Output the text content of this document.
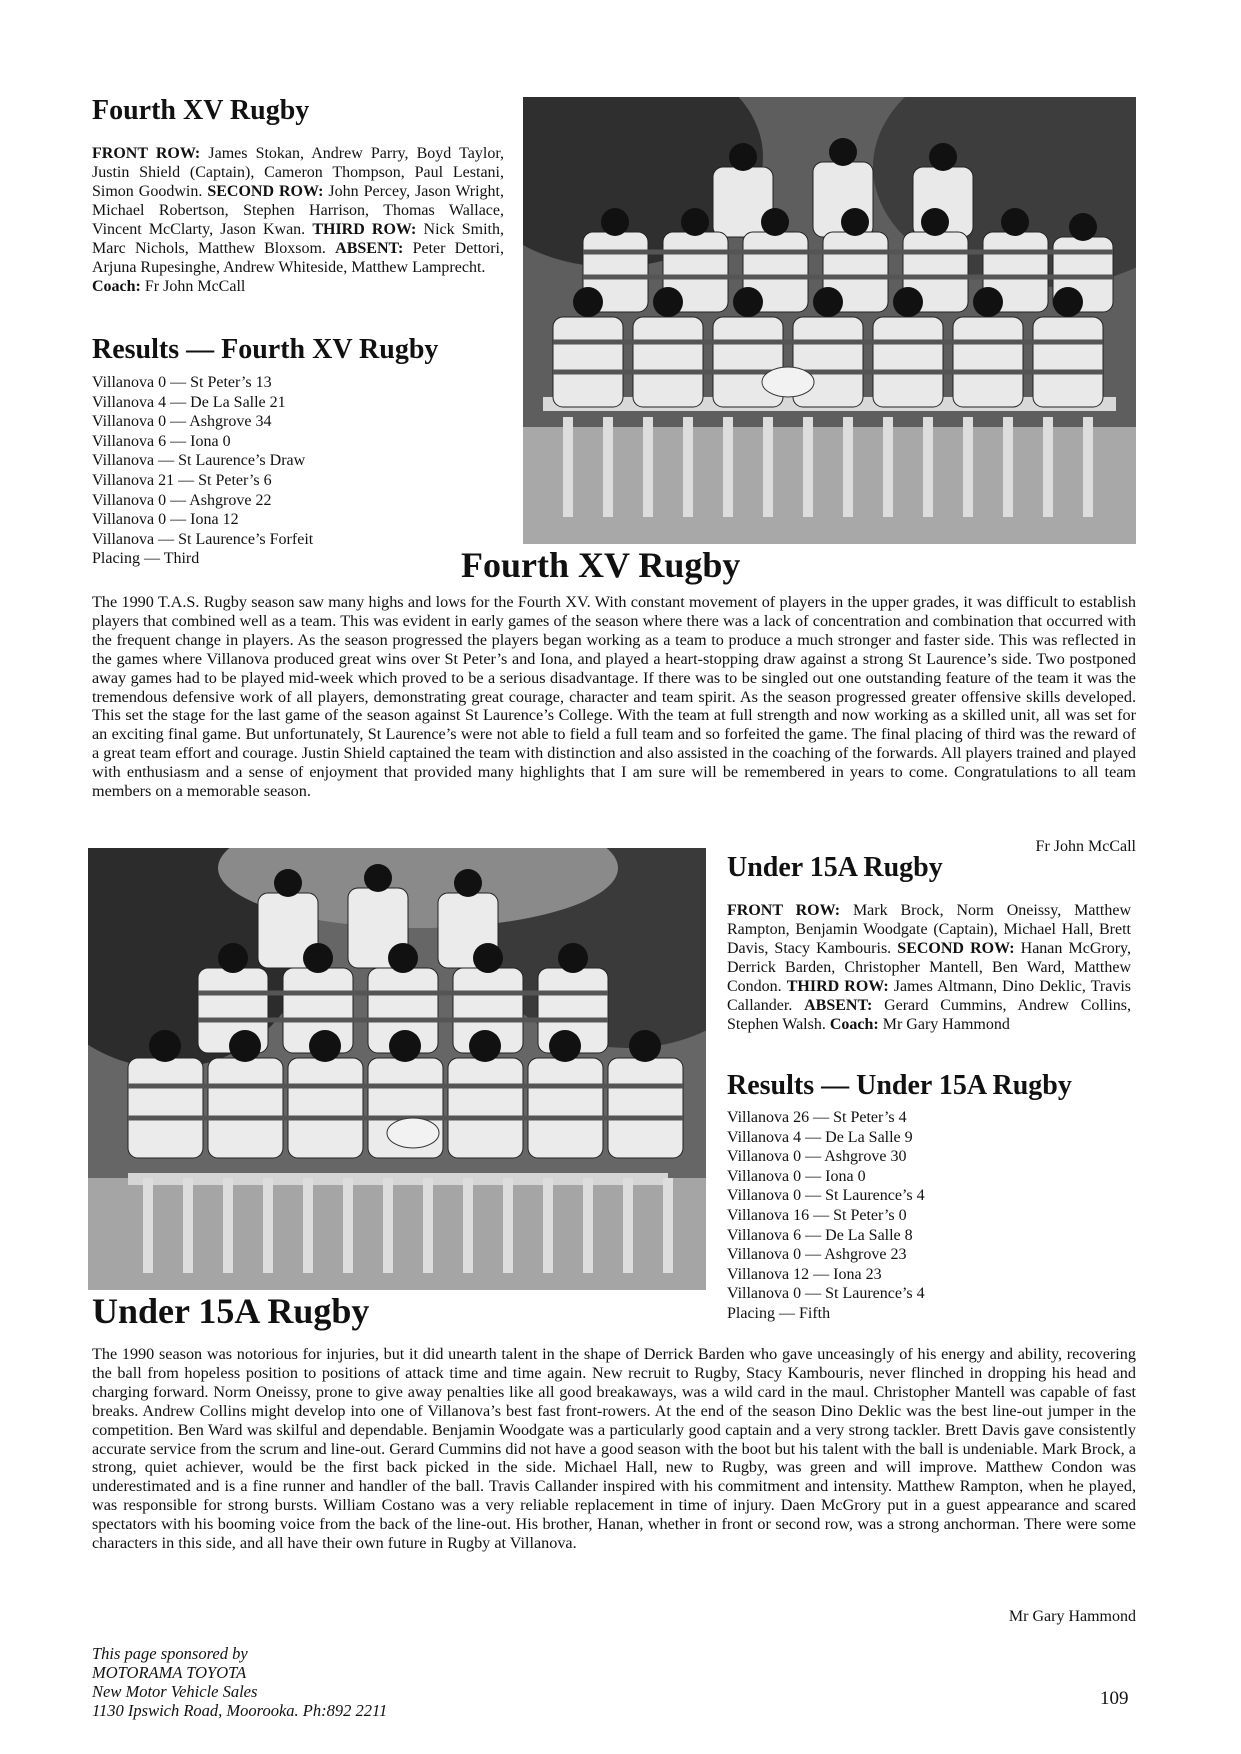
Fourth XV Rugby
FRONT ROW: James Stokan, Andrew Parry, Boyd Taylor, Justin Shield (Captain), Cameron Thompson, Paul Lestani, Simon Goodwin. SECOND ROW: John Percey, Jason Wright, Michael Robertson, Stephen Harrison, Thomas Wallace, Vincent McClarty, Jason Kwan. THIRD ROW: Nick Smith, Marc Nichols, Matthew Bloxsom. ABSENT: Peter Dettori, Arjuna Rupesinghe, Andrew Whiteside, Matthew Lamprecht.
Coach: Fr John McCall
Results — Fourth XV Rugby
Villanova 0 — St Peter’s 13
Villanova 4 — De La Salle 21
Villanova 0 — Ashgrove 34
Villanova 6 — Iona 0
Villanova — St Laurence’s Draw
Villanova 21 — St Peter’s 6
Villanova 0 — Ashgrove 22
Villanova 0 — Iona 12
Villanova — St Laurence’s Forfeit
Placing — Third	Fourth XV Rugby

The 1990 T.A.S. Rugby season saw many highs and lows for the Fourth XV. With constant movement of players in the upper grades, it was difficult to establish players that combined well as a team. This was evident in early games of the season where there was a lack of concentration and combination that occurred with the frequent change in players. As the season progressed the players began working as a team to produce a much stronger and faster side. This was reflected in the games where Villanova produced great wins over St Peter’s and Iona, and played a heart-stopping draw against a strong St Laurence’s side. Two postponed away games had to be played mid-week which proved to be a serious disadvantage. If there was to be singled out one outstanding feature of the team it was the tremendous defensive work of all players, demonstrating great courage, character and team spirit. As the season progressed greater offensive skills developed. This set the stage for the last game of the season against St Laurence’s College. With the team at full strength and now working as a skilled unit, all was set for an exciting final game. But unfortunately, St Laurence’s were not able to field a full team and so forfeited the game. The final placing of third was the reward of a great team effort and courage. Justin Shield captained the team with distinction and also assisted in the coaching of the forwards. All players trained and played with enthusiasm and a sense of enjoyment that provided many highlights that I am sure will be remembered in years to come. Congratulations to all team members on a memorable season.

Fr John McCall
Under 15A Rugby
FRONT ROW: Mark Brock, Norm Oneissy, Matthew Rampton, Benjamin Woodgate (Captain), Michael Hall, Brett Davis, Stacy Kambouris. SECOND ROW: Hanan McGrory, Derrick Barden, Christopher Mantell, Ben Ward, Matthew Condon. THIRD ROW: James Altmann, Dino Deklic, Travis Callander. ABSENT: Gerard Cummins, Andrew Collins, Stephen Walsh. Coach: Mr Gary Hammond
Results — Under 15A Rugby
Villanova 26 — St Peter’s 4
Villanova 4 — De La Salle 9
Villanova 0 — Ashgrove 30
Villanova 0 — Iona 0
Villanova 0 — St Laurence’s 4
Villanova 16 — St Peter’s 0
Villanova 6 — De La Salle 8
Villanova 0 — Ashgrove 23
Villanova 12 — Iona 23
Villanova 0 — St Laurence’s 4
Placing — Fifth
Under 15A Rugby

The 1990 season was notorious for injuries, but it did unearth talent in the shape of Derrick Barden who gave unceasingly of his energy and ability, recovering the ball from hopeless position to positions of attack time and time again. New recruit to Rugby, Stacy Kambouris, never flinched in dropping his head and charging forward. Norm Oneissy, prone to give away penalties like all good breakaways, was a wild card in the maul. Christopher Mantell was capable of fast breaks. Andrew Collins might develop into one of Villanova’s best fast front-rowers. At the end of the season Dino Deklic was the best line-out jumper in the competition. Ben Ward was skilful and dependable. Benjamin Woodgate was a particularly good captain and a very strong tackler. Brett Davis gave consistently accurate service from the scrum and line-out. Gerard Cummins did not have a good season with the boot but his talent with the ball is undeniable. Mark Brock, a strong, quiet achiever, would be the first back picked in the side. Michael Hall, new to Rugby, was green and will improve. Matthew Condon was underestimated and is a fine runner and handler of the ball. Travis Callander inspired with his commitment and intensity. Matthew Rampton, when he played, was responsible for strong bursts. William Costano was a very reliable replacement in time of injury. Daen McGrory put in a guest appearance and scared spectators with his booming voice from the back of the line-out. His brother, Hanan, whether in front or second row, was a strong anchorman. There were some characters in this side, and all have their own future in Rugby at Villanova.

Mr Gary Hammond
This page sponsored by
MOTORAMA TOYOTA
New Motor Vehicle Sales
1130 Ipswich Road, Moorooka. Ph:892 2211
109
